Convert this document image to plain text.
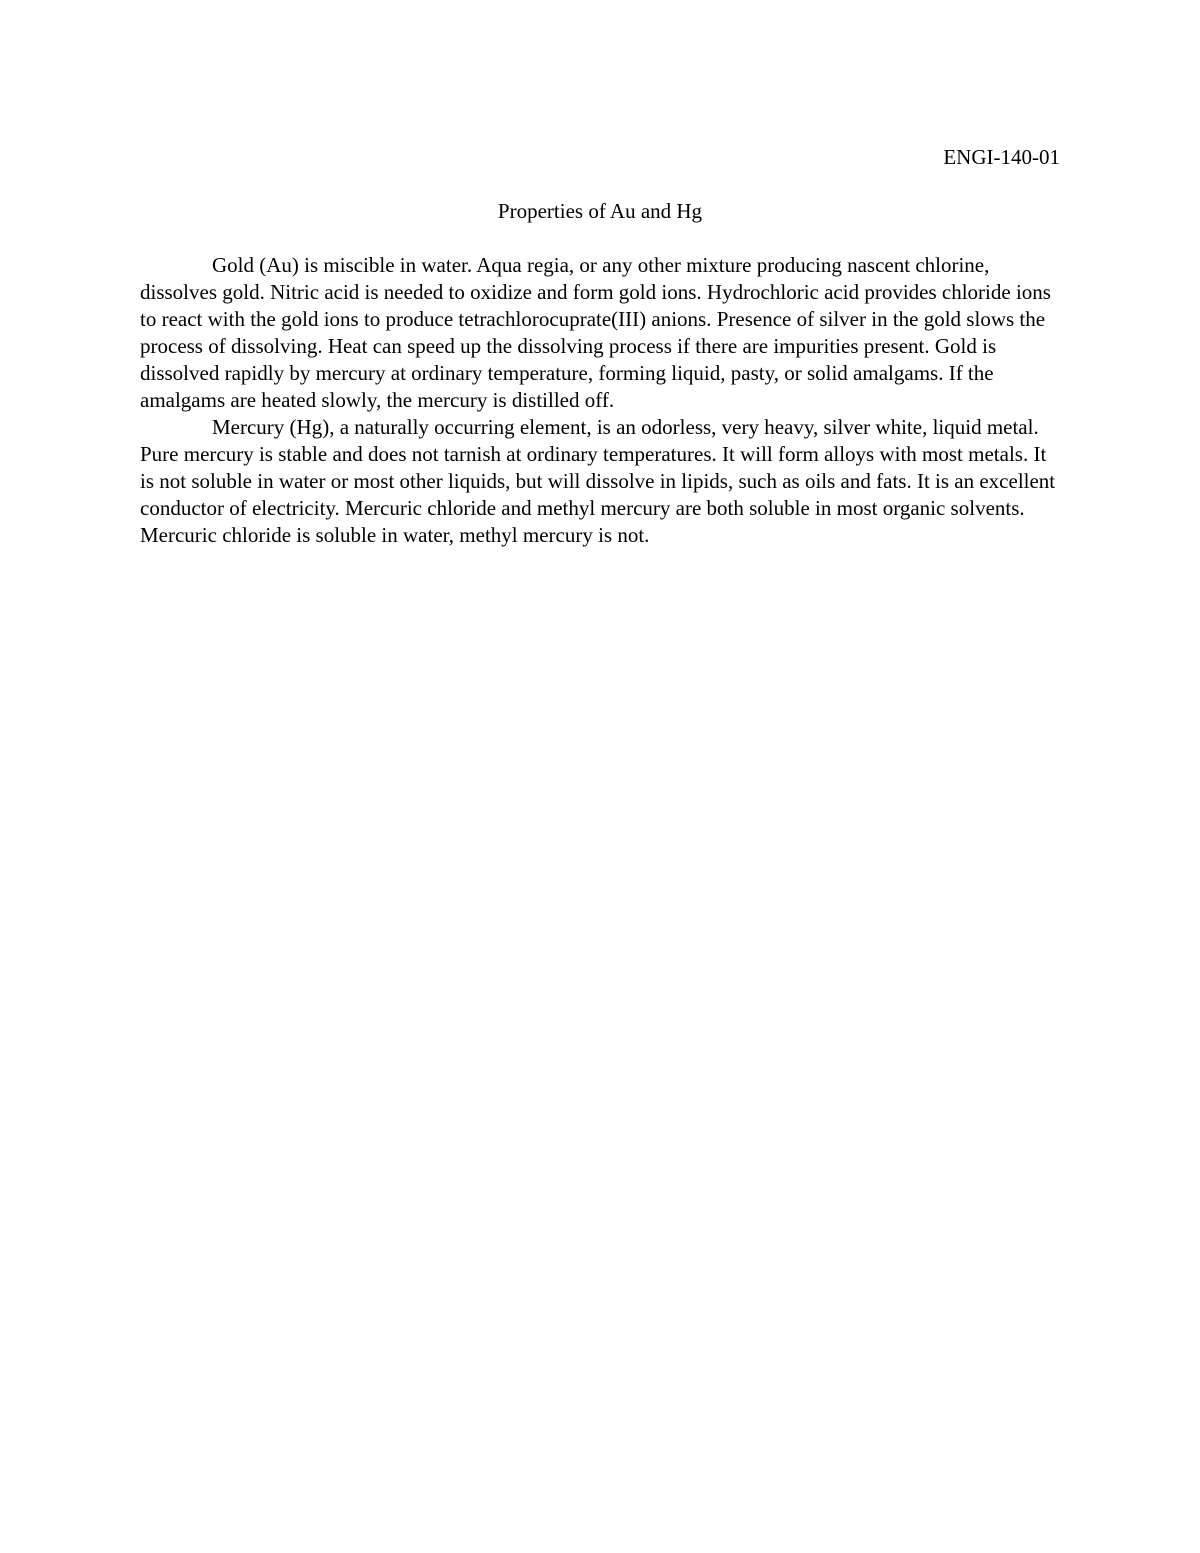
ENGI-140-01
Properties of Au and Hg

Gold (Au) is miscible in water. Aqua regia, or any other mixture producing nascent chlorine, dissolves gold. Nitric acid is needed to oxidize and form gold ions. Hydrochloric acid provides chloride ions to react with the gold ions to produce tetrachlorocuprate(III) anions. Presence of silver in the gold slows the process of dissolving. Heat can speed up the dissolving process if there are impurities present. Gold is dissolved rapidly by mercury at ordinary temperature, forming liquid, pasty, or solid amalgams. If the amalgams are heated slowly, the mercury is distilled off.

Mercury (Hg), a naturally occurring element, is an odorless, very heavy, silver white, liquid metal. Pure mercury is stable and does not tarnish at ordinary temperatures. It will form alloys with most metals. It is not soluble in water or most other liquids, but will dissolve in lipids, such as oils and fats. It is an excellent conductor of electricity. Mercuric chloride and methyl mercury are both soluble in most organic solvents. Mercuric chloride is soluble in water, methyl mercury is not.
